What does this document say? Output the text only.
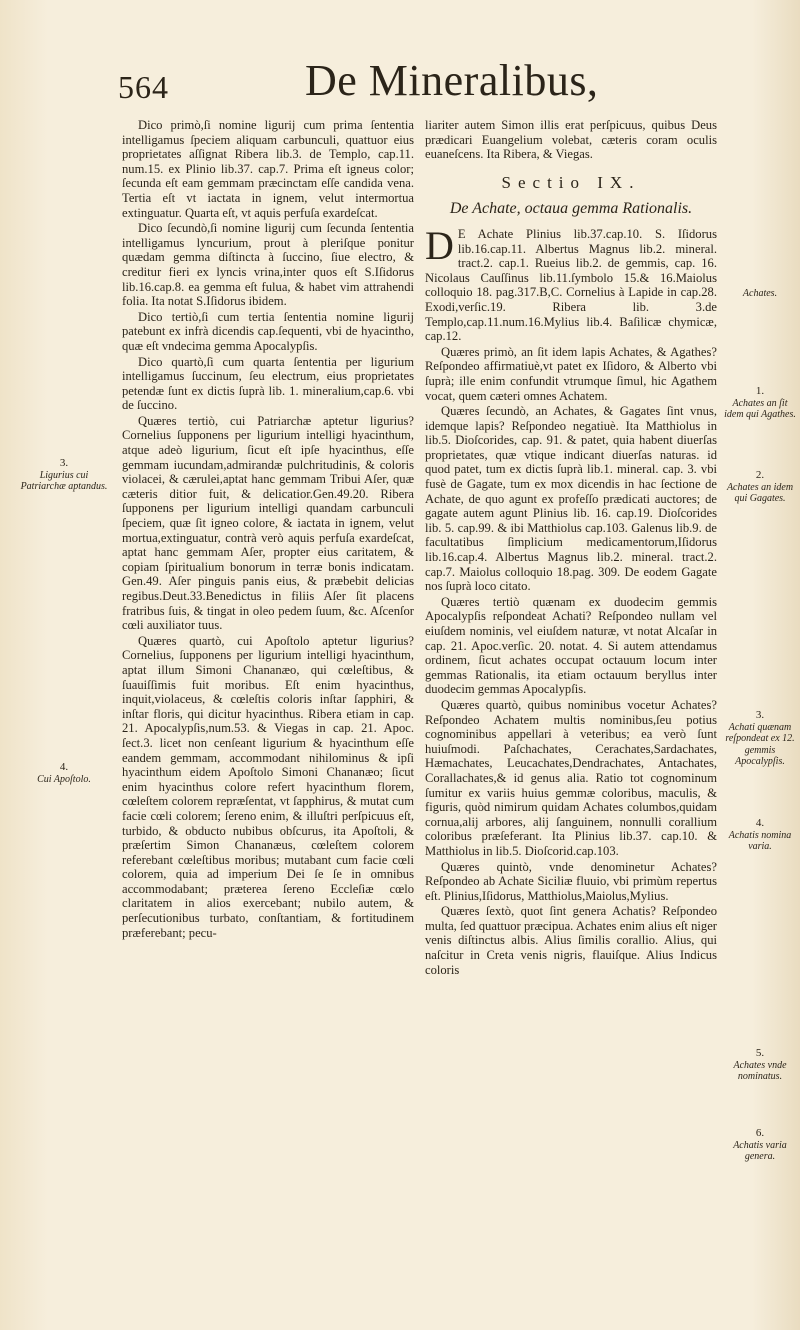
564	De Mineralibus,

Dico primò,ſi nomine ligurij cum prima ſententia intelligamus ſpeciem aliquam carbunculi, quattuor eius proprietates aſſignat Ribera lib.3. de Templo, cap.11. num.15. ex Plinio lib.37. cap.7. Prima eſt igneus color; ſecunda eſt eam gemmam præcinctam eſſe candida vena. Tertia eſt vt iactata in ignem, velut intermortua extinguatur. Quarta eſt, vt aquis perfuſa exardeſcat.

Dico ſecundò,ſi nomine ligurij cum ſecunda ſententia intelligamus lyncurium, prout à pleriſque ponitur quædam gemma diſtincta à ſuccino, ſiue electro, & creditur fieri ex lyncis vrina,inter quos eſt S.Iſidorus lib.16.cap.8. ea gemma eſt fulua, & habet vim attrahendi folia. Ita notat S.Iſidorus ibidem.

Dico tertiò,ſi cum tertia ſententia nomine ligurij patebunt ex infrà dicendis cap.ſequenti, vbi de hyacintho, quæ eſt vndecima gemma Apocalypſis.

Dico quartò,ſi cum quarta ſententia per ligurium intelligamus ſuccinum, ſeu electrum, eius proprietates petendæ ſunt ex dictis ſuprà lib. 1. mineralium,cap.6. vbi de ſuccino.

Quæres tertiò, cui Patriarchæ aptetur ligurius? Cornelius ſupponens per ligurium intelligi hyacinthum, atque adeò ligurium, ſicut eſt ipſe hyacinthus, eſſe gemmam iucundam,admirandæ pulchritudinis, & coloris violacei, & cærulei,aptat hanc gemmam Tribui Aſer, quæ cæteris ditior fuit, & delicatior.Gen.49.20. Ribera ſupponens per ligurium intelligi quandam carbunculi ſpeciem, quæ ſit igneo colore, & iactata in ignem, velut mortua,extinguatur, contrà verò aquis perfuſa exardeſcat, aptat hanc gemmam Aſer, propter eius caritatem, & copiam ſpiritualium bonorum in terræ bonis indicatam. Gen.49. Aſer pinguis panis eius, & præbebit delicias regibus.Deut.33.Benedictus in filiis Aſer ſit placens fratribus ſuis, & tingat in oleo pedem ſuum, &c. Aſcenſor cœli auxiliator tuus.

Quæres quartò, cui Apoſtolo aptetur ligurius? Cornelius, ſupponens per ligurium intelligi hyacinthum, aptat illum Simoni Chananæo, qui cœleſtibus, & ſuauiſſimis fuit moribus. Eſt enim hyacinthus, inquit,violaceus, & cœleſtis coloris inſtar ſapphiri, & inſtar floris, qui dicitur hyacinthus. Ribera etiam in cap. 21. Apocalypſis,num.53. & Viegas in cap. 21. Apoc. ſect.3. licet non cenſeant ligurium & hyacinthum eſſe eandem gemmam, accommodant nihilominus & ipſi hyacinthum eidem Apoſtolo Simoni Chananæo; ſicut enim hyacinthus colore refert hyacinthum florem, cœleſtem colorem repræſentat, vt ſapphirus, & mutat cum facie cœli colorem; ſereno enim, & illuſtri perſpicuus eſt, turbido, & obducto nubibus obſcurus, ita Apoſtoli, & præſertim Simon Chananæus, cœleſtem colorem referebant cœleſtibus moribus; mutabant cum facie cœli colorem, quia ad imperium Dei ſe ſe in omnibus accommodabant; prætereа ſereno Eccleſiæ cœlo claritatem in alios exercebant; nubilo autem, & perſecutionibus turbato, conſtantiam, & fortitudinem præferebant; pecu-

liariter autem Simon illis erat perſpicuus, quibus Deus prædicari Euangelium volebat, cæteris coram oculis euaneſcens. Ita Ribera, & Viegas.

Sectio IX.
De Achate, octaua gemma Rationalis.

D E Achate Plinius lib.37.cap.10. S. Iſidorus lib.16.cap.11. Albertus Magnus lib.2. mineral. tract.2. cap.1. Rueius lib.2. de gemmis, cap. 16. Nicolaus Cauſſinus lib.11.ſymbolo 15.& 16.Maiolus colloquio 18. pag.317.B,C. Cornelius à Lapide in cap.28. Exodi,verſic.19. Ribera lib. 3.de Templo,cap.11.num.16.Mylius lib.4. Baſilicæ chymicæ, cap.12.

Quæres primò, an ſit idem lapis Achates, & Agathes? Reſpondeo affirmatiuè,vt patet ex Iſidoro, & Alberto vbi ſuprà; ille enim confundit vtrumque ſimul, hic Agathem vocat, quem cæteri omnes Achatem.

Quæres ſecundò, an Achates, & Gagates ſint vnus, idemque lapis? Reſpondeo negatiuè. Ita Matthiolus in lib.5. Dioſcorides, cap. 91. & patet, quia habent diuerſas proprietates, quæ vtique indicant diuerſas naturas. id quod patet, tum ex dictis ſuprà lib.1. mineral. cap. 3. vbi fusè de Gagate, tum ex mox dicendis in hac ſectione de Achate, de quo agunt ex profeſſo prædicati auctores; de gagate autem agunt Plinius lib. 16. cap.19. Dioſcorides lib. 5. cap.99. & ibi Matthiolus cap.103. Galenus lib.9. de facultatibus ſimplicium medicamentorum,Iſidorus lib.16.cap.4. Albertus Magnus lib.2. mineral. tract.2. cap.7. Maiolus colloquio 18.pag. 309. De eodem Gagate nos ſuprà loco citato.

Quæres tertiò quænam ex duodecim gemmis Apocalypſis reſpondeat Achati? Reſpondeo nullam vel eiuſdem nominis, vel eiuſdem naturæ, vt notat Alcaſar in cap. 21. Apoc.verſic. 20. notat. 4. Si autem attendamus ordinem, ſicut achates occupat octauum locum inter gemmas Rationalis, ita etiam octauum beryllus inter duodecim gemmas Apocalypſis.

Quæres quartò, quibus nominibus vocetur Achates? Reſpondeo Achatem multis nominibus,ſeu potius cognominibus appellari à veteribus; ea verò ſunt huiuſmodi. Paſchachates, Cerachates,Sardachates, Hæmachates, Leucachates,Dendrachates, Antachates, Corallachates,& id genus alia. Ratio tot cognominum ſumitur ex variis huius gemmæ coloribus, maculis, & figuris, quòd nimirum quidam Achates columbos,quidam cornua,alij arbores, alij ſanguinem, nonnulli corallium coloribus præſeferant. Ita Plinius lib.37. cap.10. & Matthiolus in lib.5. Dioſcorid.cap.103.

Quæres quintò, vnde denominetur Achates? Reſpondeo ab Achate Siciliæ fluuio, vbi primùm repertus eſt. Plinius,Iſidorus, Matthiolus,Maiolus,Mylius.

Quæres ſextò, quot ſint genera Achatis? Reſpondeo multa, ſed quattuor præcipua. Achates enim alius eſt niger venis diſtinctus albis. Alius ſimilis corallio. Alius, qui naſcitur in Creta venis nigris, flauiſque. Alius Indicus coloris

3.
Ligurius cui Patriarchæ aptandus.
4.
Cui Apoſtolo.
Achates.
1.
Achates an ſit idem qui Agathes.
2.
Achates an idem qui Gagates.
3.
Achati quænam reſpondeat ex 12. gemmis Apocalypſis.
4.
Achatis nomina varia.
5.
Achates vnde nominatus.
6.
Achatis varia genera.
